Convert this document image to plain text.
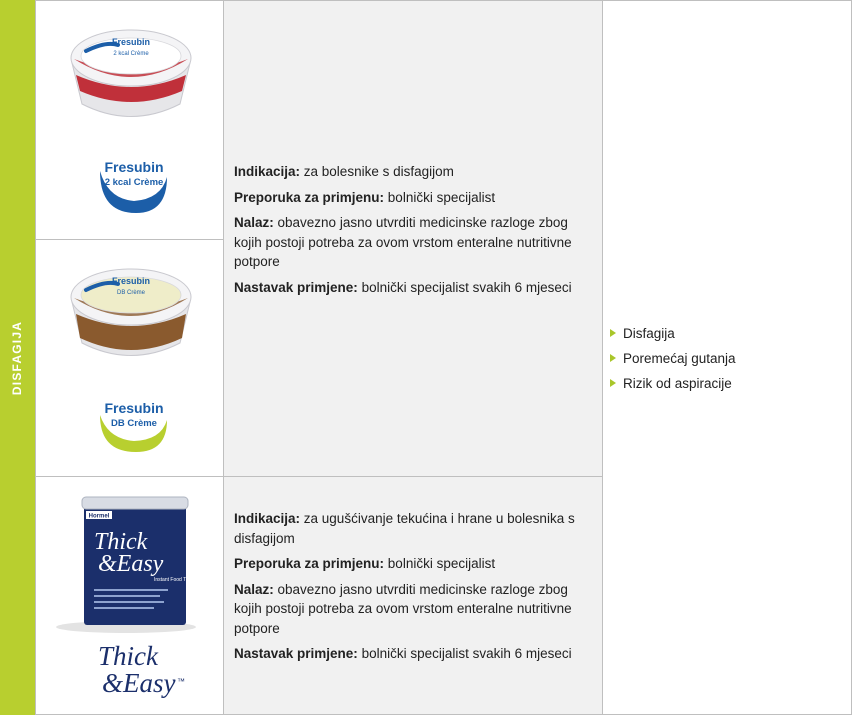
DISFAGIJA
Fresubin
2 kcal Crème
Fresubin
2 kcal Crème
Fresubin
DB Crème
Fresubin
DB Crème
Hormel
Thick
&Easy
Instant Food Thickener
Thick
&Easy ™

Indikacija: za bolesnike s disfagijom

Preporuka za primjenu: bolnički specijalist

Nalaz: obavezno jasno utvrditi medicinske razloge zbog kojih postoji potreba za ovom vrstom enteralne nutritivne potpore

Nastavak primjene: bolnički specijalist svakih 6 mjeseci

Indikacija: za ugušćivanje tekućina i hrane u bolesnika s disfagijom

Preporuka za primjenu: bolnički specijalist

Nalaz: obavezno jasno utvrditi medicinske razloge zbog kojih postoji potreba za ovom vrstom enteralne nutritivne potpore

Nastavak primjene: bolnički specijalist svakih 6 mjeseci

Disfagija
Poremećaj gutanja
Rizik od aspiracije
